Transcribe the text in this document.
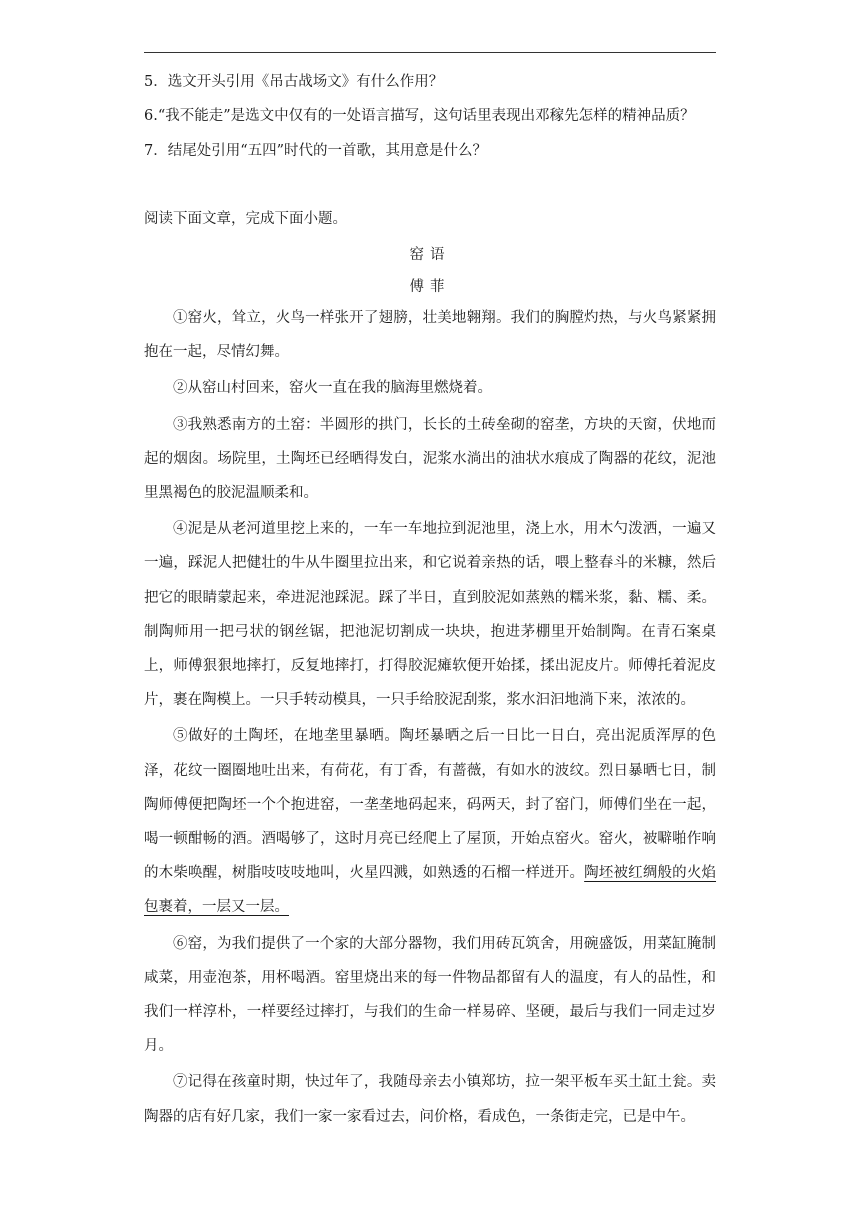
5．选文开头引用《吊古战场文》有什么作用？
6.“我不能走”是选文中仅有的一处语言描写，这句话里表现出邓稼先怎样的精神品质？
7．结尾处引用“五四”时代的一首歌，其用意是什么？
阅读下面文章，完成下面小题。
窑语
傅菲

①窑火，耸立，火鸟一样张开了翅膀，壮美地翱翔。我们的胸膛灼热，与火鸟紧紧拥抱在一起，尽情幻舞。

②从窑山村回来，窑火一直在我的脑海里燃烧着。

③我熟悉南方的土窑：半圆形的拱门，长长的土砖垒砌的窑垄，方块的天窗，伏地而起的烟囱。场院里，土陶坯已经晒得发白，泥浆水淌出的油状水痕成了陶器的花纹，泥池里黑褐色的胶泥温顺柔和。

④泥是从老河道里挖上来的，一车一车地拉到泥池里，浇上水，用木勺泼洒，一遍又一遍，踩泥人把健壮的牛从牛圈里拉出来，和它说着亲热的话，喂上整春斗的米糠，然后把它的眼睛蒙起来，牵进泥池踩泥。踩了半日，直到胶泥如蒸熟的糯米浆，黏、糯、柔。制陶师用一把弓状的钢丝锯，把池泥切割成一块块，抱进茅棚里开始制陶。在青石案桌上，师傅狠狠地摔打，反复地摔打，打得胶泥瘫软便开始揉，揉出泥皮片。师傅托着泥皮片，裹在陶模上。一只手转动模具，一只手给胶泥刮浆，浆水汩汩地淌下来，浓浓的。

⑤做好的土陶坯，在地垄里暴晒。陶坯暴晒之后一日比一日白，亮出泥质浑厚的色泽，花纹一圈圈地吐出来，有荷花，有丁香，有蔷薇，有如水的波纹。烈日暴晒七日，制陶师傅便把陶坯一个个抱进窑，一垄垄地码起来，码两天，封了窑门，师傅们坐在一起，喝一顿酣畅的酒。酒喝够了，这时月亮已经爬上了屋顶，开始点窑火。窑火，被噼啪作响的木柴唤醒，树脂吱吱吱地叫，火星四溅，如熟透的石榴一样迸开。陶坯被红绸般的火焰包裹着，一层又一层。

⑥窑，为我们提供了一个家的大部分器物，我们用砖瓦筑舍，用碗盛饭，用菜缸腌制咸菜，用壶泡茶，用杯喝酒。窑里烧出来的每一件物品都留有人的温度，有人的品性，和我们一样淳朴，一样要经过摔打，与我们的生命一样易碎、坚硬，最后与我们一同走过岁月。

⑦记得在孩童时期，快过年了，我随母亲去小镇郑坊，拉一架平板车买土缸土瓮。卖陶器的店有好几家，我们一家一家看过去，问价格，看成色，一条街走完，已是中午。
